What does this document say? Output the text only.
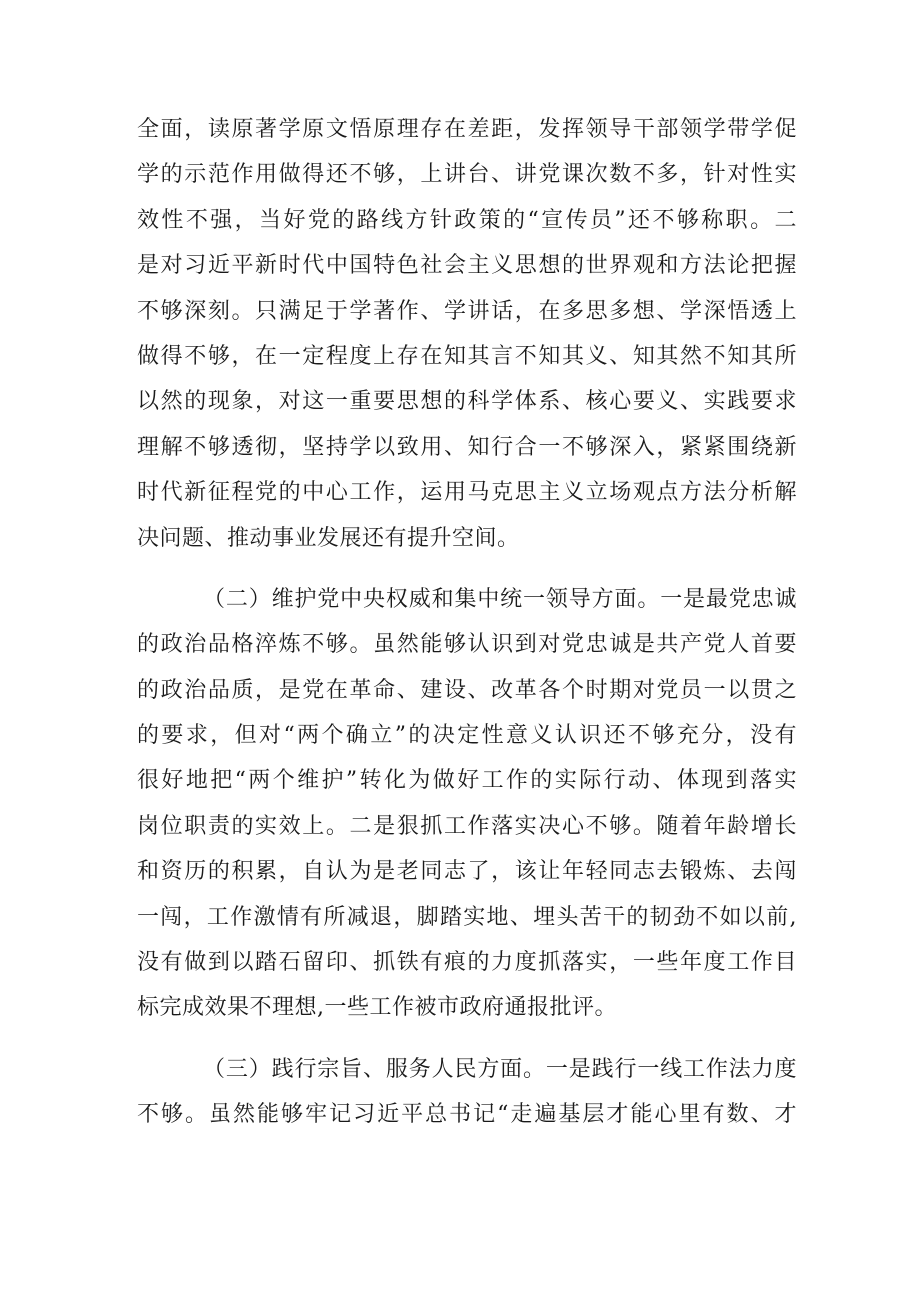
全面，读原著学原文悟原理存在差距，发挥领导干部领学带学促
学的示范作用做得还不够，上讲台、讲党课次数不多，针对性实
效性不强，当好党的路线方针政策的“宣传员”还不够称职。二
是对习近平新时代中国特色社会主义思想的世界观和方法论把握
不够深刻。只满足于学著作、学讲话，在多思多想、学深悟透上
做得不够，在一定程度上存在知其言不知其义、知其然不知其所
以然的现象，对这一重要思想的科学体系、核心要义、实践要求
理解不够透彻，坚持学以致用、知行合一不够深入，紧紧围绕新
时代新征程党的中心工作，运用马克思主义立场观点方法分析解
决问题、推动事业发展还有提升空间。
（二）维护党中央权威和集中统一领导方面。一是最党忠诚
的政治品格淬炼不够。虽然能够认识到对党忠诚是共产党人首要
的政治品质，是党在革命、建设、改革各个时期对党员一以贯之
的要求，但对“两个确立”的决定性意义认识还不够充分，没有
很好地把“两个维护”转化为做好工作的实际行动、体现到落实
岗位职责的实效上。二是狠抓工作落实决心不够。随着年龄增长
和资历的积累，自认为是老同志了，该让年轻同志去锻炼、去闯
一闯，工作激情有所减退，脚踏实地、埋头苦干的韧劲不如以前,
没有做到以踏石留印、抓铁有痕的力度抓落实，一些年度工作目
标完成效果不理想,一些工作被市政府通报批评。
（三）践行宗旨、服务人民方面。一是践行一线工作法力度
不够。虽然能够牢记习近平总书记“走遍基层才能心里有数、才
